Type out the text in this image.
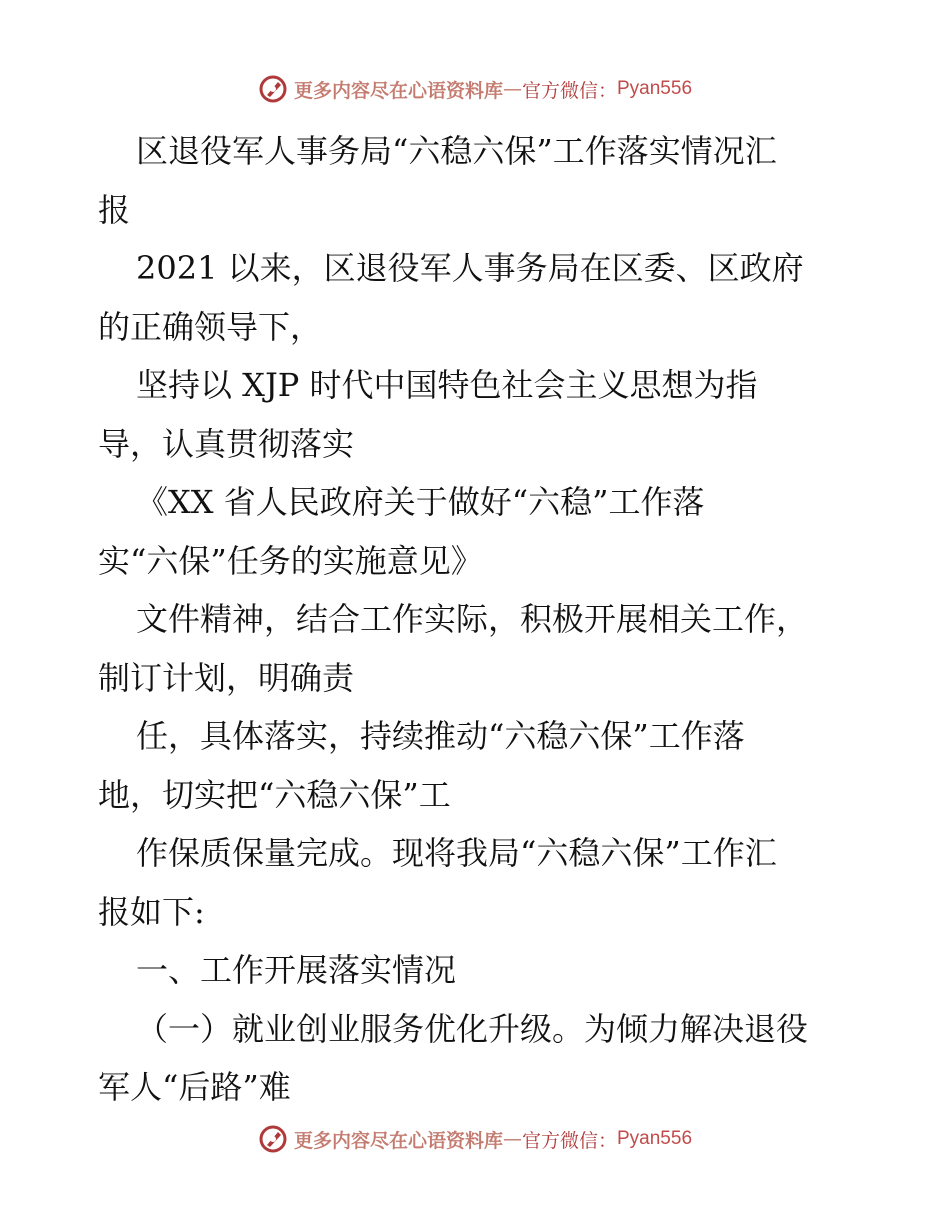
更多内容尽在心语资料库 — 官方微信： Pyan556
区退役军人事务局“六稳六保”工作落实情况汇
报
2021 以来，区退役军人事务局在区委、区政府
的正确领导下，
坚持以 XJP 时代中国特色社会主义思想为指
导，认真贯彻落实
《XX 省人民政府关于做好“六稳”工作落
实“六保”任务的实施意见》
文件精神，结合工作实际，积极开展相关工作，
制订计划，明确责
任，具体落实，持续推动“六稳六保”工作落
地，切实把“六稳六保”工
作保质保量完成。现将我局“六稳六保”工作汇
报如下:
一、工作开展落实情况
（一）就业创业服务优化升级。为倾力解决退役
军人“后路”难
更多内容尽在心语资料库 — 官方微信： Pyan556
